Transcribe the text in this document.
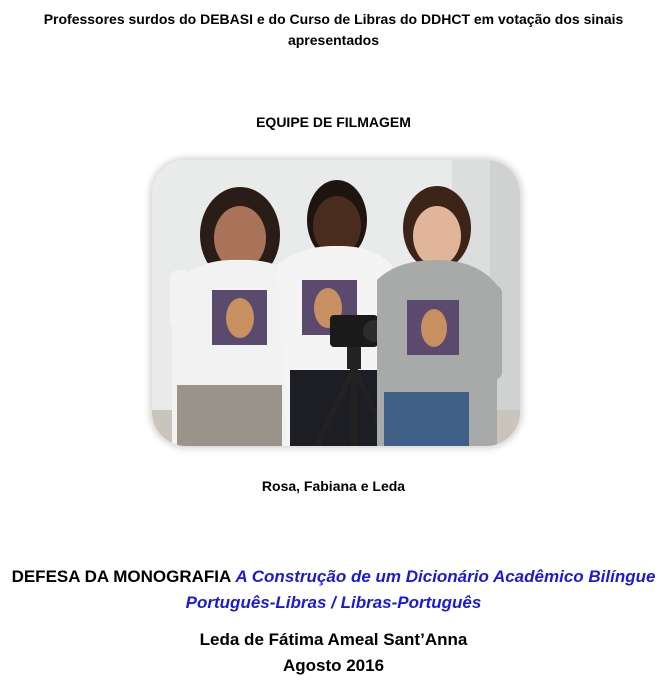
Professores surdos do DEBASI e do Curso de Libras do DDHCT em votação dos sinais apresentados
EQUIPE DE FILMAGEM
Rosa, Fabiana e Leda
DEFESA DA MONOGRAFIA A Construção de um Dicionário Acadêmico Bilíngue
Português-Libras / Libras-Português
Leda de Fátima Ameal Sant’Anna
Agosto 2016
